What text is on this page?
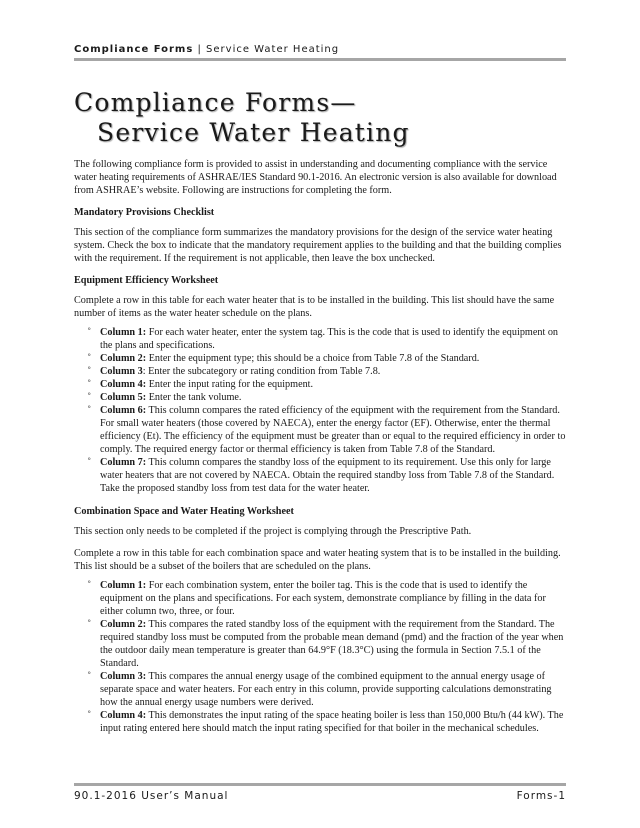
Compliance Forms | Service Water Heating
Compliance Forms—
Service Water Heating

The following compliance form is provided to assist in understanding and documenting compliance with the service water heating requirements of ASHRAE/IES Standard 90.1-2016. An electronic version is also available for download from ASHRAE’s website. Following are instructions for completing the form.

Mandatory Provisions Checklist

This section of the compliance form summarizes the mandatory provisions for the design of the service water heating system. Check the box to indicate that the mandatory requirement applies to the building and that the building complies with the requirement. If the requirement is not applicable, then leave the box unchecked.

Equipment Efficiency Worksheet

Complete a row in this table for each water heater that is to be installed in the building. This list should have the same number of items as the water heater schedule on the plans.

º Column 1: For each water heater, enter the system tag. This is the code that is used to identify the equipment on the plans and specifications.
º Column 2: Enter the equipment type; this should be a choice from Table 7.8 of the Standard.
º Column 3: Enter the subcategory or rating condition from Table 7.8.
º Column 4: Enter the input rating for the equipment.
º Column 5: Enter the tank volume.
º Column 6: This column compares the rated efficiency of the equipment with the requirement from the Standard. For small water heaters (those covered by NAECA), enter the energy factor (EF). Otherwise, enter the thermal efficiency (Et). The efficiency of the equipment must be greater than or equal to the required efficiency in order to comply. The required energy factor or thermal efficiency is taken from Table 7.8 of the Standard.
º Column 7: This column compares the standby loss of the equipment to its requirement. Use this only for large water heaters that are not covered by NAECA. Obtain the required standby loss from Table 7.8 of the Standard. Take the proposed standby loss from test data for the water heater.
Combination Space and Water Heating Worksheet

This section only needs to be completed if the project is complying through the Prescriptive Path.

Complete a row in this table for each combination space and water heating system that is to be installed in the building. This list should be a subset of the boilers that are scheduled on the plans.

º Column 1: For each combination system, enter the boiler tag. This is the code that is used to identify the equipment on the plans and specifications. For each system, demonstrate compliance by filling in the data for either column two, three, or four.
º Column 2: This compares the rated standby loss of the equipment with the requirement from the Standard. The required standby loss must be computed from the probable mean demand (pmd) and the fraction of the year when the outdoor daily mean temperature is greater than 64.9°F (18.3°C) using the formula in Section 7.5.1 of the Standard.
º Column 3: This compares the annual energy usage of the combined equipment to the annual energy usage of separate space and water heaters. For each entry in this column, provide supporting calculations demonstrating how the annual energy usage numbers were derived.
º Column 4: This demonstrates the input rating of the space heating boiler is less than 150,000 Btu/h (44 kW). The input rating entered here should match the input rating specified for that boiler in the mechanical schedules.
90.1-2016 User’s Manual	Forms-1
